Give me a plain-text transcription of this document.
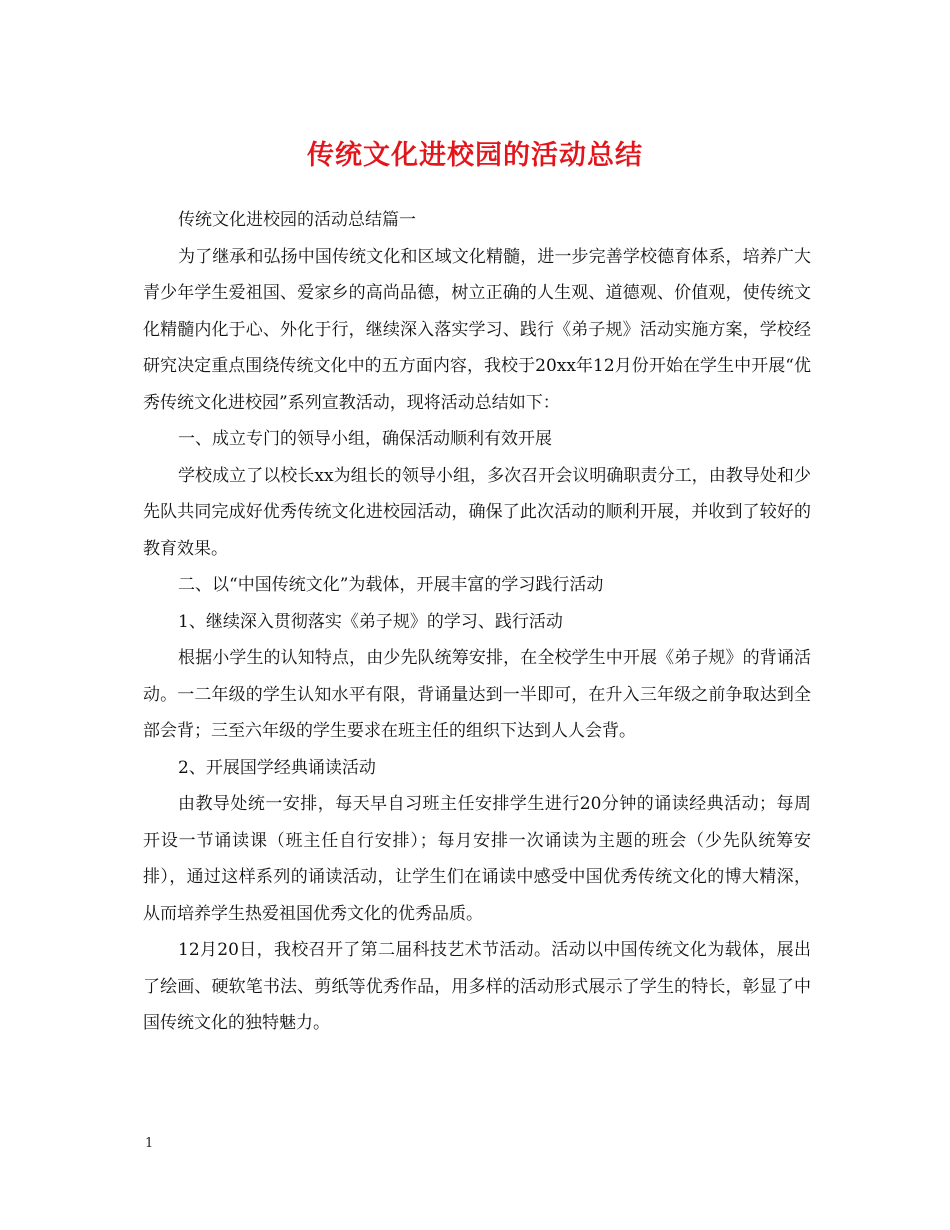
传统文化进校园的活动总结

传统文化进校园的活动总结篇一

为了继承和弘扬中国传统文化和区域文化精髓，进一步完善学校德育体系，培养广大青少年学生爱祖国、爱家乡的高尚品德，树立正确的人生观、道德观、价值观，使传统文化精髓内化于心、外化于行，继续深入落实学习、践行《弟子规》活动实施方案，学校经研究决定重点围绕传统文化中的五方面内容，我校于20xx年12月份开始在学生中开展“优秀传统文化进校园”系列宣教活动，现将活动总结如下：

一、成立专门的领导小组，确保活动顺利有效开展

学校成立了以校长xx为组长的领导小组，多次召开会议明确职责分工，由教导处和少先队共同完成好优秀传统文化进校园活动，确保了此次活动的顺利开展，并收到了较好的教育效果。

二、以“中国传统文化”为载体，开展丰富的学习践行活动

1、继续深入贯彻落实《弟子规》的学习、践行活动

根据小学生的认知特点，由少先队统筹安排，在全校学生中开展《弟子规》的背诵活动。一二年级的学生认知水平有限，背诵量达到一半即可，在升入三年级之前争取达到全部会背；三至六年级的学生要求在班主任的组织下达到人人会背。

2、开展国学经典诵读活动

由教导处统一安排，每天早自习班主任安排学生进行20分钟的诵读经典活动；每周开设一节诵读课（班主任自行安排）；每月安排一次诵读为主题的班会（少先队统筹安排），通过这样系列的诵读活动，让学生们在诵读中感受中国优秀传统文化的博大精深，从而培养学生热爱祖国优秀文化的优秀品质。

12月20日，我校召开了第二届科技艺术节活动。活动以中国传统文化为载体，展出了绘画、硬软笔书法、剪纸等优秀作品，用多样的活动形式展示了学生的特长，彰显了中国传统文化的独特魅力。

1
